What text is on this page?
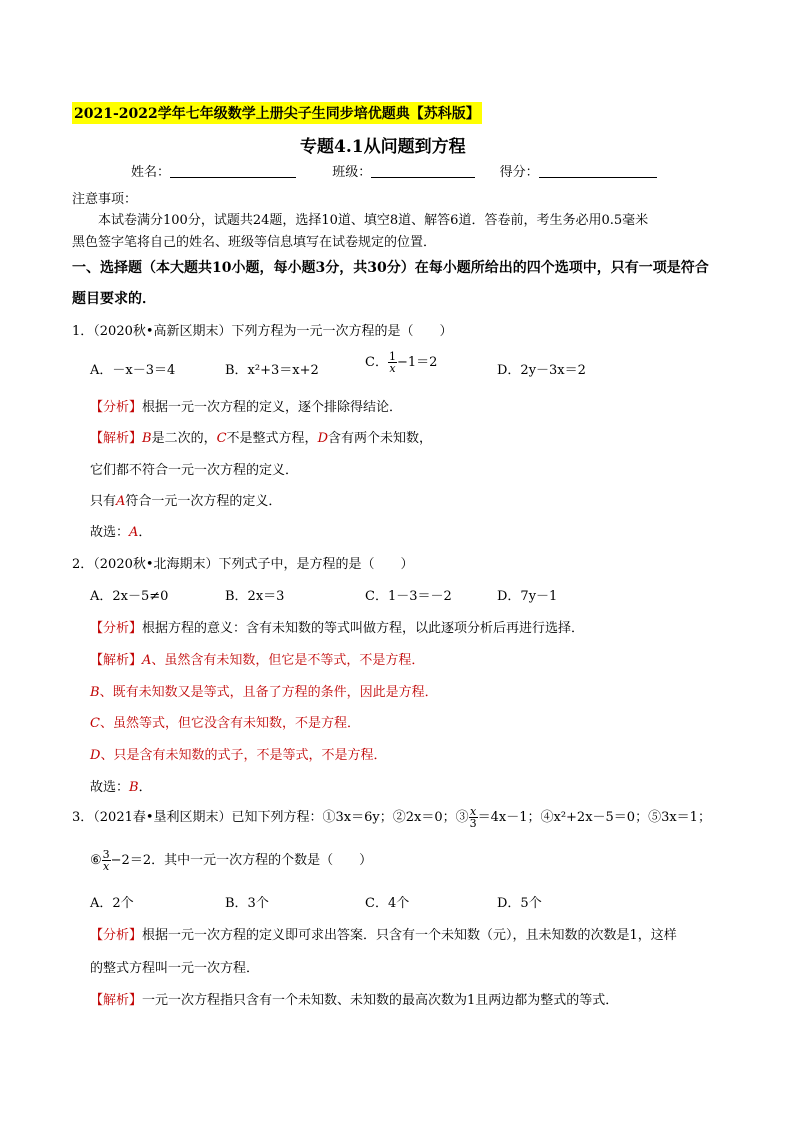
2021-2022学年七年级数学上册尖子生同步培优题典【苏科版】
专题4.1从问题到方程
姓名：	班级：	得分：
注意事项：
本试卷满分100分，试题共24题，选择10道、填空8道、解答6道．答卷前，考生务必用0.5毫米
黑色签字笔将自己的姓名、班级等信息填写在试卷规定的位置．
一、选择题（本大题共10小题，每小题3分，共30分）在每小题所给出的四个选项中，只有一项是符合
题目要求的．
1．（2020秋•高新区期末）下列方程为一元一次方程的是（　　）
A．－x－3＝4	B．x²+3＝x+2
C． $\frac{1}{x} -1=2$
D．2y－3x＝2
【分析】根据一元一次方程的定义，逐个排除得结论．
【解析】B是二次的，C不是整式方程，D含有两个未知数，
它们都不符合一元一次方程的定义．
只有A符合一元一次方程的定义．
故选：A．
2．（2020秋•北海期末）下列式子中，是方程的是（　　）
A．2x－5≠0	B．2x＝3	C．1－3＝－2	D．7y－1
【分析】根据方程的意义：含有未知数的等式叫做方程，以此逐项分析后再进行选择．
【解析】A、虽然含有未知数，但它是不等式，不是方程．
B、既有未知数又是等式，且备了方程的条件，因此是方程．
C、虽然等式，但它没含有未知数，不是方程．
D、只是含有未知数的式子，不是等式，不是方程．
故选：B．
3．（2021春•垦利区期末）已知下列方程：①3x＝6y；②2x＝0；③ $\frac{x}{3} =4x-1$；④x²+2x－5＝0；⑤3x＝1；
⑥ $\frac{3}{x} -2=2$．其中一元一次方程的个数是（　　）
A．2个	B．3个	C．4个	D．5个
【分析】根据一元一次方程的定义即可求出答案．只含有一个未知数（元），且未知数的次数是1，这样
的整式方程叫一元一次方程．
【解析】一元一次方程指只含有一个未知数、未知数的最高次数为1且两边都为整式的等式．
